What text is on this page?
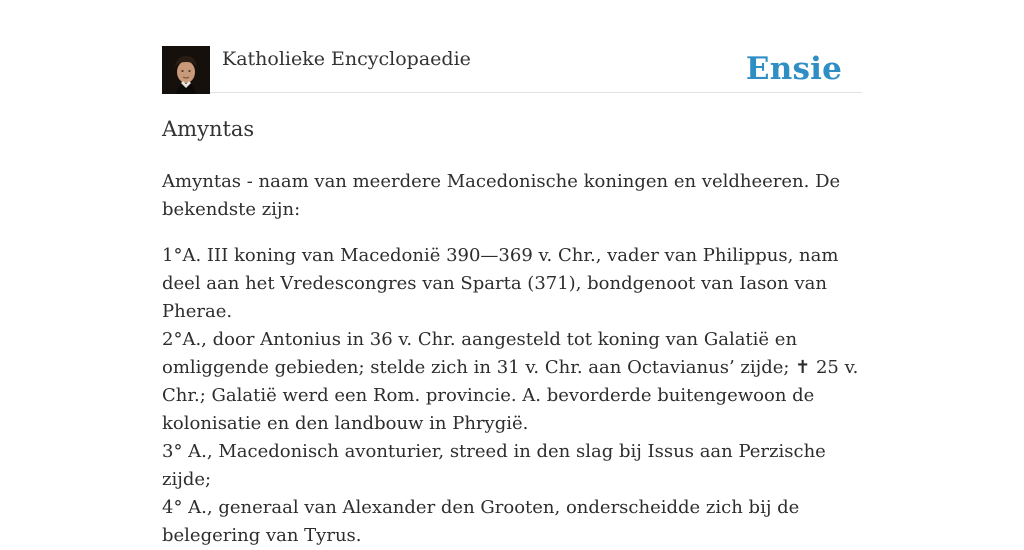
Katholieke Encyclopaedie	Ensie
Amyntas

Amyntas - naam van meerdere Macedonische koningen en veldheeren. De bekendste zijn:

1°A. III koning van Macedonië 390—369 v. Chr., vader van Philippus, nam deel aan het Vredescongres van Sparta (371), bondgenoot van Iason van Pherae.
2°A., door Antonius in 36 v. Chr. aangesteld tot koning van Galatië en omliggende gebieden; stelde zich in 31 v. Chr. aan Octavianus’ zijde; ✝ 25 v. Chr.; Galatië werd een Rom. provincie. A. bevorderde buitengewoon de kolonisatie en den landbouw in Phrygië.
3° A., Macedonisch avonturier, streed in den slag bij Issus aan Perzische zijde;
4° A., generaal van Alexander den Grooten, onderscheidde zich bij de belegering van Tyrus.
